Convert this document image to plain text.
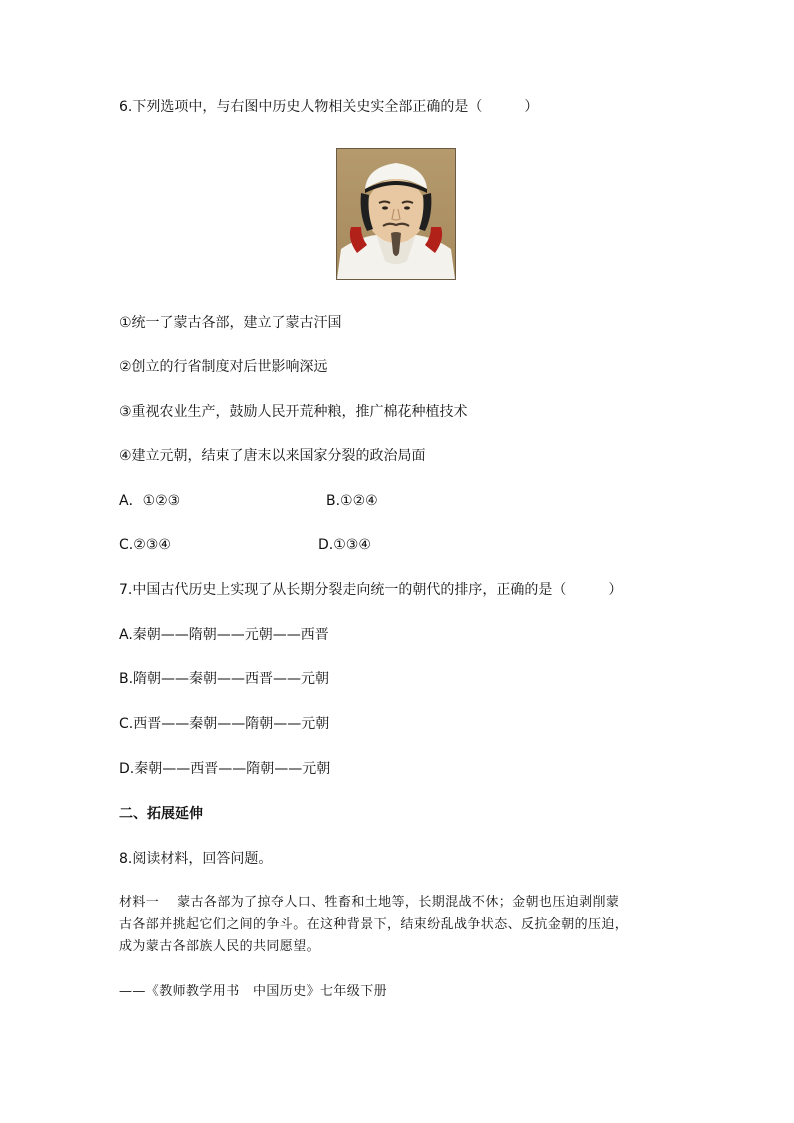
6.下列选项中，与右图中历史人物相关史实全部正确的是（　　　）
①统一了蒙古各部，建立了蒙古汗国
②创立的行省制度对后世影响深远
③重视农业生产，鼓励人民开荒种粮，推广棉花种植技术
④建立元朝，结束了唐末以来国家分裂的政治局面
A．①②③	B.①②④
C.②③④	D.①③④
7.中国古代历史上实现了从长期分裂走向统一的朝代的排序，正确的是（　　　）
A.秦朝——隋朝——元朝——西晋
B.隋朝——秦朝——西晋——元朝
C.西晋——秦朝——隋朝——元朝
D.秦朝——西晋——隋朝——元朝
二、拓展延伸
8.阅读材料，回答问题。
材料一　 蒙古各部为了掠夺人口、牲畜和土地等，长期混战不休；金朝也压迫剥削蒙
古各部并挑起它们之间的争斗。在这种背景下，结束纷乱战争状态、反抗金朝的压迫，
成为蒙古各部族人民的共同愿望。
——《教师教学用书　中国历史》七年级下册
